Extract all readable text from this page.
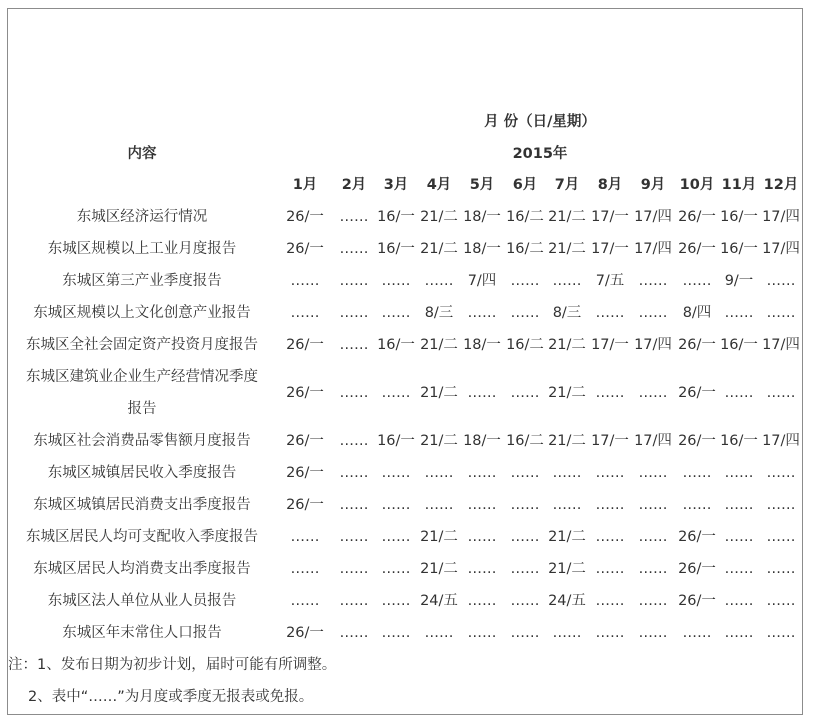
月 份（日/星期）
内容	2015年
1月	2月	3月	4月	5月	6月	7月	8月	9月 10月 11月 12月
东城区经济运行情况	26/一	…… 16/一 21/二 18/一 16/二 21/二 17/一 17/四 26/一 16/一 17/四
东城区规模以上工业月度报告	26/一	…… 16/一 21/二 18/一 16/二 21/二 17/一 17/四 26/一 16/一 17/四
东城区第三产业季度报告	……	…… …… …… 7/四 …… …… 7/五 ……	…… 9/一 ……
东城区规模以上文化创意产业报告	……	…… …… 8/三 …… …… 8/三 …… ……	8/四 …… ……
东城区全社会固定资产投资月度报告	26/一	…… 16/一 21/二 18/一 16/二 21/二 17/一 17/四 26/一 16/一 17/四
东城区建筑业企业生产经营情况季度
报告
26/一	…… …… 21/二 …… …… 21/二 …… …… 26/一 …… ……
东城区社会消费品零售额月度报告	26/一	…… 16/一 21/二 18/一 16/二 21/二 17/一 17/四 26/一 16/一 17/四
东城区城镇居民收入季度报告	26/一	…… …… …… …… …… …… …… ……	…… …… ……
东城区城镇居民消费支出季度报告	26/一	…… …… …… …… …… …… …… ……	…… …… ……
东城区居民人均可支配收入季度报告	……	…… …… 21/二 …… …… 21/二 …… …… 26/一 …… ……
东城区居民人均消费支出季度报告	……	…… …… 21/二 …… …… 21/二 …… …… 26/一 …… ……
东城区法人单位从业人员报告	……	…… …… 24/五 …… …… 24/五 …… …… 26/一 …… ……
东城区年末常住人口报告	26/一	…… …… …… …… …… …… …… ……	…… …… ……
注：1、发布日期为初步计划，届时可能有所调整。
2、表中“……”为月度或季度无报表或免报。
